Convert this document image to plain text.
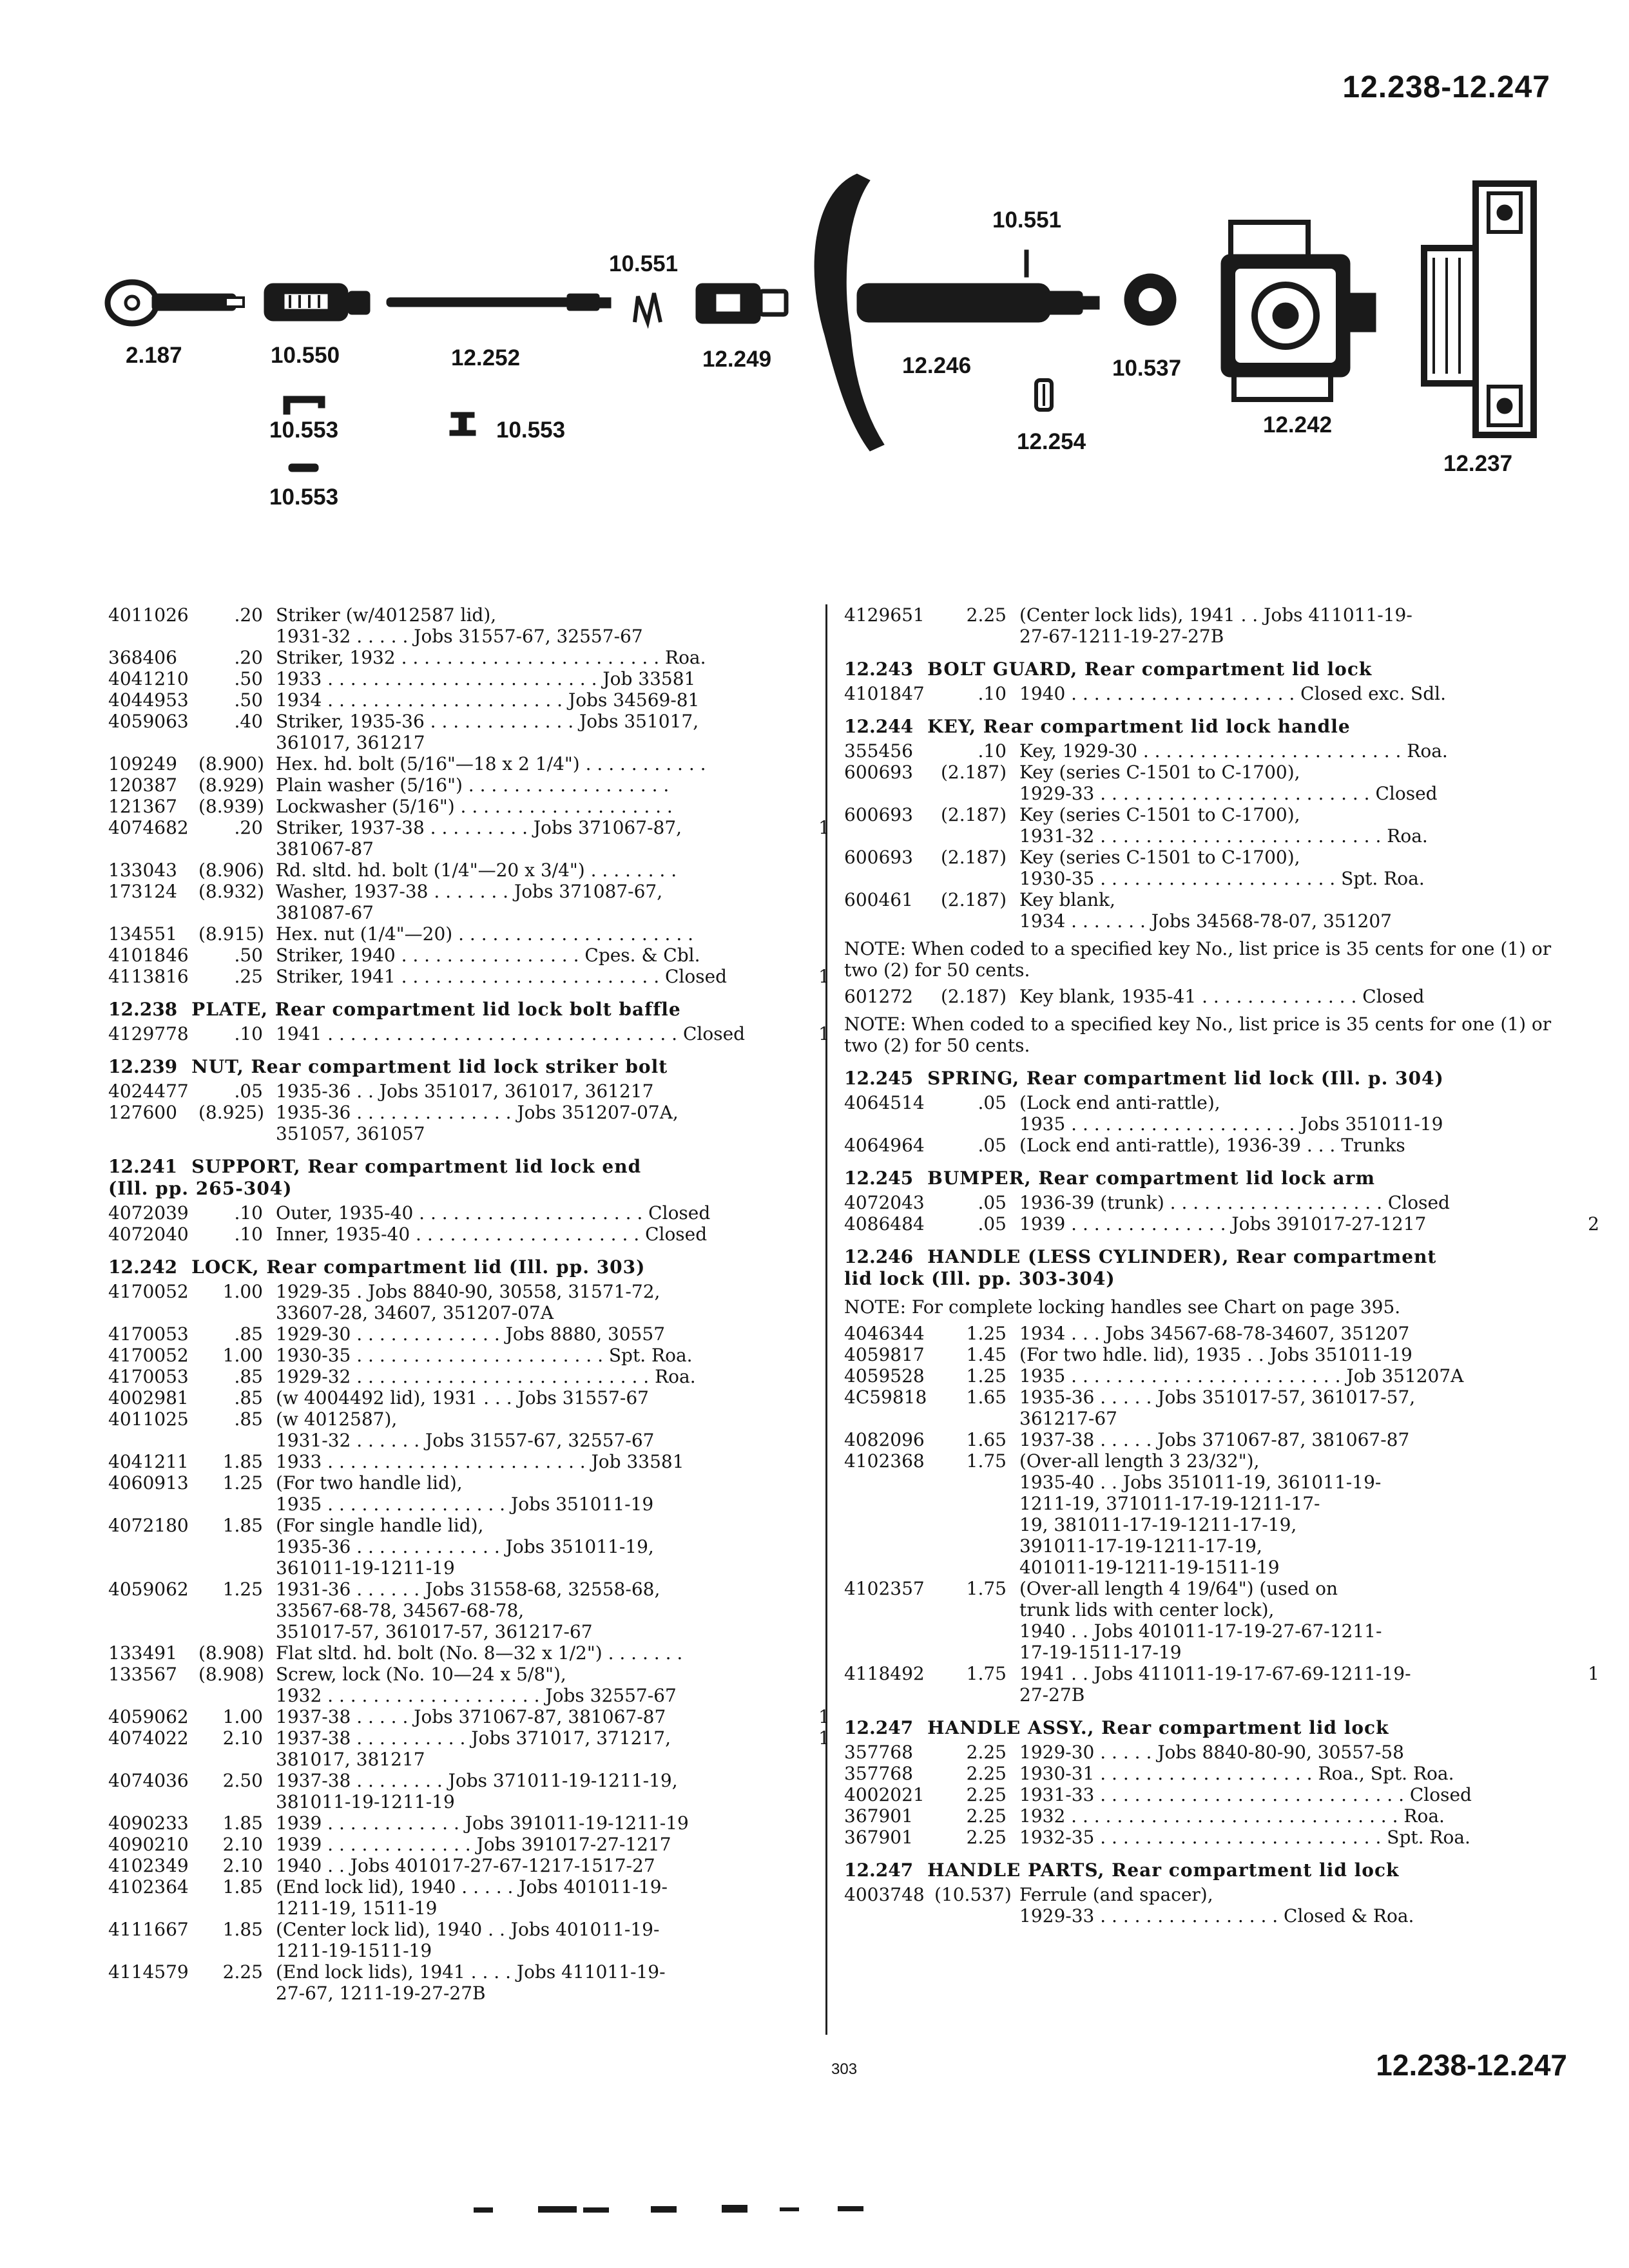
12.238-12.247
2.187	10.550
10.553
10.553
12.252
10.553
10.551
12.249
10.551
12.246
12.254
10.537
12.242
12.237
4011026	.20 Striker (w/4012587 lid),
1931-32 . . . . . Jobs 31557-67, 32557-67
368406	.20 Striker, 1932 . . . . . . . . . . . . . . . . . . . . . . . Roa.
4041210	.50 1933 . . . . . . . . . . . . . . . . . . . . . . . . Job 33581
4044953	.50 1934 . . . . . . . . . . . . . . . . . . . . . Jobs 34569-81
4059063	.40 Striker, 1935-36 . . . . . . . . . . . . . Jobs 351017,
361017, 361217
109249	(8.900) Hex. hd. bolt (5/16"—18 x 2 1/4") . . . . . . . . . . .
120387	(8.929) Plain washer (5/16") . . . . . . . . . . . . . . . . . .
121367	(8.939) Lockwasher (5/16") . . . . . . . . . . . . . . . . . . .
4074682	.20 Striker, 1937-38 . . . . . . . . . Jobs 371067-87,
381067-87
1
133043	(8.906) Rd. sltd. hd. bolt (1/4"—20 x 3/4") . . . . . . . .
173124	(8.932) Washer, 1937-38 . . . . . . . Jobs 371087-67,
381087-67
134551	(8.915) Hex. nut (1/4"—20) . . . . . . . . . . . . . . . . . . . . .
4101846	.50 Striker, 1940 . . . . . . . . . . . . . . . . Cpes. & Cbl.
4113816	.25 Striker, 1941 . . . . . . . . . . . . . . . . . . . . . . . Closed	1
12.238 PLATE, Rear compartment lid lock bolt baffle
4129778	.10 1941 . . . . . . . . . . . . . . . . . . . . . . . . . . . . . . . Closed	1
12.239 NUT, Rear compartment lid lock striker bolt
4024477	.05 1935-36 . . Jobs 351017, 361017, 361217
127600	(8.925) 1935-36 . . . . . . . . . . . . . . Jobs 351207-07A,
351057, 361057
12.241 SUPPORT, Rear compartment lid lock end
(Ill. pp. 265-304)
4072039	.10 Outer, 1935-40 . . . . . . . . . . . . . . . . . . . . Closed
4072040	.10 Inner, 1935-40 . . . . . . . . . . . . . . . . . . . . Closed
12.242 LOCK, Rear compartment lid (Ill. pp. 303)
4170052	1.00 1929-35 . Jobs 8840-90, 30558, 31571-72,
33607-28, 34607, 351207-07A
4170053	.85 1929-30 . . . . . . . . . . . . . Jobs 8880, 30557
4170052	1.00 1930-35 . . . . . . . . . . . . . . . . . . . . . . Spt. Roa.
4170053	.85 1929-32 . . . . . . . . . . . . . . . . . . . . . . . . . . Roa.
4002981	.85 (w 4004492 lid), 1931 . . . Jobs 31557-67
4011025	.85 (w 4012587),
1931-32 . . . . . . Jobs 31557-67, 32557-67
4041211	1.85 1933 . . . . . . . . . . . . . . . . . . . . . . . Job 33581
4060913	1.25 (For two handle lid),
1935 . . . . . . . . . . . . . . . . Jobs 351011-19
4072180	1.85 (For single handle lid),
1935-36 . . . . . . . . . . . . . Jobs 351011-19,
361011-19-1211-19
4059062	1.25 1931-36 . . . . . . Jobs 31558-68, 32558-68,
33567-68-78, 34567-68-78,
351017-57, 361017-57, 361217-67
133491	(8.908) Flat sltd. hd. bolt (No. 8—32 x 1/2") . . . . . . .
133567	(8.908) Screw, lock (No. 10—24 x 5/8"),
1932 . . . . . . . . . . . . . . . . . . . Jobs 32557-67
4059062	1.00 1937-38 . . . . . Jobs 371067-87, 381067-87	1
4074022	2.10 1937-38 . . . . . . . . . . Jobs 371017, 371217,
381017, 381217
1
4074036	2.50 1937-38 . . . . . . . . Jobs 371011-19-1211-19,
381011-19-1211-19
4090233	1.85 1939 . . . . . . . . . . . . Jobs 391011-19-1211-19
4090210	2.10 1939 . . . . . . . . . . . . . Jobs 391017-27-1217
4102349	2.10 1940 . . Jobs 401017-27-67-1217-1517-27
4102364	1.85 (End lock lid), 1940 . . . . . Jobs 401011-19-
1211-19, 1511-19
4111667	1.85 (Center lock lid), 1940 . . Jobs 401011-19-
1211-19-1511-19
4114579	2.25 (End lock lids), 1941 . . . . Jobs 411011-19-
27-67, 1211-19-27-27B
4129651	2.25 (Center lock lids), 1941 . . Jobs 411011-19-
27-67-1211-19-27-27B
12.243 BOLT GUARD, Rear compartment lid lock
4101847	.10 1940 . . . . . . . . . . . . . . . . . . . . Closed exc. Sdl.
12.244 KEY, Rear compartment lid lock handle
355456	.10 Key, 1929-30 . . . . . . . . . . . . . . . . . . . . . . . Roa.
600693	(2.187) Key (series C-1501 to C-1700),
1929-33 . . . . . . . . . . . . . . . . . . . . . . . . Closed
600693	(2.187) Key (series C-1501 to C-1700),
1931-32 . . . . . . . . . . . . . . . . . . . . . . . . . Roa.
600693	(2.187) Key (series C-1501 to C-1700),
1930-35 . . . . . . . . . . . . . . . . . . . . . Spt. Roa.
600461	(2.187) Key blank,
1934 . . . . . . . Jobs 34568-78-07, 351207
NOTE: When coded to a specified key No., list price is 35 cents for one (1) or two (2) for 50 cents.
601272	(2.187) Key blank, 1935-41 . . . . . . . . . . . . . . Closed
NOTE: When coded to a specified key No., list price is 35 cents for one (1) or two (2) for 50 cents.
12.245 SPRING, Rear compartment lid lock (Ill. p. 304)
4064514	.05 (Lock end anti-rattle),
1935 . . . . . . . . . . . . . . . . . . . . Jobs 351011-19
4064964	.05 (Lock end anti-rattle), 1936-39 . . . Trunks
12.245 BUMPER, Rear compartment lid lock arm
4072043	.05 1936-39 (trunk) . . . . . . . . . . . . . . . . . . . Closed
4086484	.05 1939 . . . . . . . . . . . . . . Jobs 391017-27-1217	2
12.246 HANDLE (LESS CYLINDER), Rear compartment
lid lock (Ill. pp. 303-304)
NOTE: For complete locking handles see Chart on page 395.
4046344	1.25 1934 . . . Jobs 34567-68-78-34607, 351207
4059817	1.45 (For two hdle. lid), 1935 . . Jobs 351011-19
4059528	1.25 1935 . . . . . . . . . . . . . . . . . . . . . . . . Job 351207A
4C59818	1.65 1935-36 . . . . . Jobs 351017-57, 361017-57,
361217-67
4082096	1.65 1937-38 . . . . . Jobs 371067-87, 381067-87
4102368	1.75 (Over-all length 3 23/32"),
1935-40 . . Jobs 351011-19, 361011-19-
1211-19, 371011-17-19-1211-17-
19, 381011-17-19-1211-17-19,
391011-17-19-1211-17-19,
401011-19-1211-19-1511-19
4102357	1.75 (Over-all length 4 19/64") (used on
trunk lids with center lock),
1940 . . Jobs 401011-17-19-27-67-1211-
17-19-1511-17-19
4118492	1.75 1941 . . Jobs 411011-19-17-67-69-1211-19-
27-27B
1
12.247 HANDLE ASSY., Rear compartment lid lock
357768	2.25 1929-30 . . . . . Jobs 8840-80-90, 30557-58
357768	2.25 1930-31 . . . . . . . . . . . . . . . . . . . Roa., Spt. Roa.
4002021	2.25 1931-33 . . . . . . . . . . . . . . . . . . . . . . . . . . . Closed
367901	2.25 1932 . . . . . . . . . . . . . . . . . . . . . . . . . . . . . Roa.
367901	2.25 1932-35 . . . . . . . . . . . . . . . . . . . . . . . . . Spt. Roa.
12.247 HANDLE PARTS, Rear compartment lid lock
4003748 (10.537) Ferrule (and spacer),
1929-33 . . . . . . . . . . . . . . . . Closed & Roa.
303	12.238-12.247
